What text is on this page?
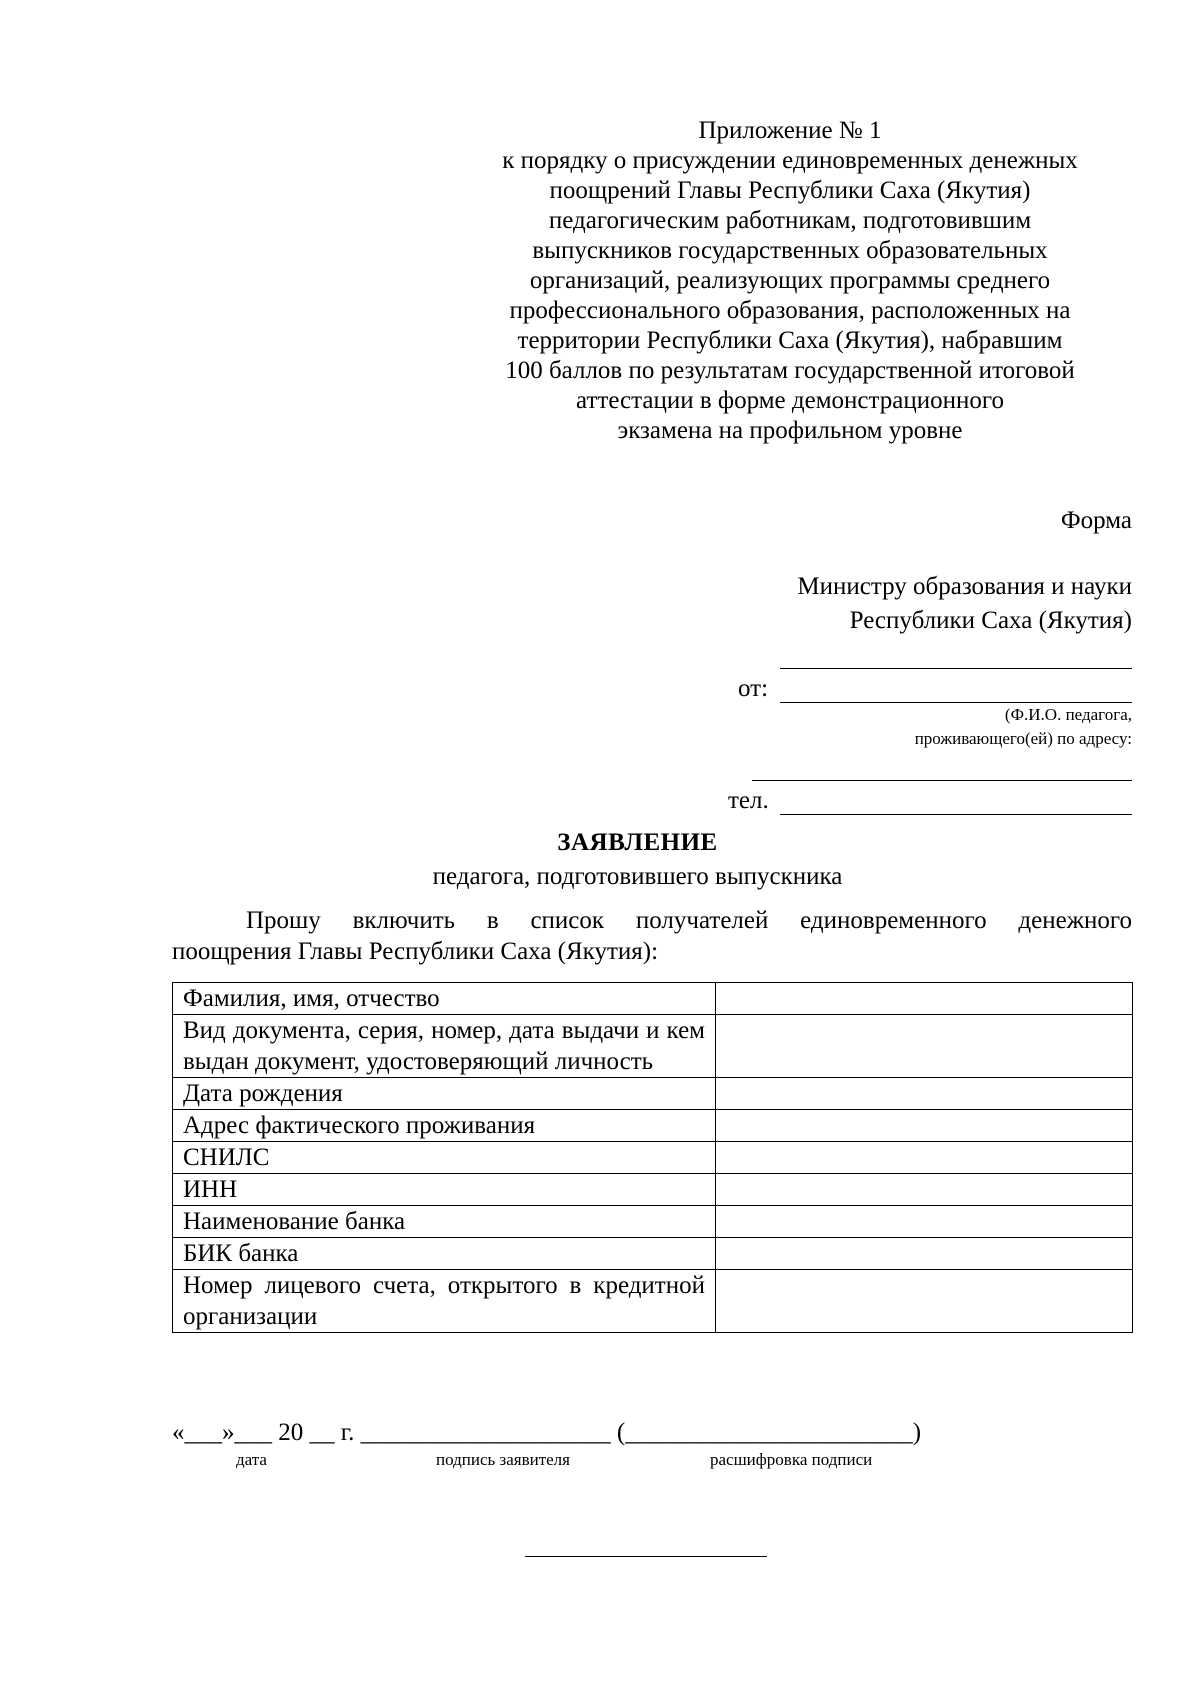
Приложение № 1
к порядку о присуждении единовременных денежных
поощрений Главы Республики Саха (Якутия)
педагогическим работникам, подготовившим
выпускников государственных образовательных
организаций, реализующих программы среднего
профессионального образования, расположенных на
территории Республики Саха (Якутия), набравшим
100 баллов по результатам государственной итоговой
аттестации в форме демонстрационного
экзамена на профильном уровне
Форма
Министру образования и науки
Республики Саха (Якутия)
от:
(Ф.И.О. педагога,
проживающего(ей) по адресу:
тел.
ЗАЯВЛЕНИЕ
педагога, подготовившего выпускника
Прошу включить в список получателей единовременного денежного
поощрения Главы Республики Саха (Якутия):
Фамилия, имя, отчество	
Вид документа, серия, номер, дата выдачи и кем выдан документ, удостоверяющий личность	
Дата рождения	
Адрес фактического проживания	
СНИЛС	
ИНН	
Наименование банка	
БИК банка	
Номер лицевого счета, открытого в кредитной организации	
«___»___ 20 __ г. ____________________ (_______________________)
дата	подпись заявителя	расшифровка подписи
